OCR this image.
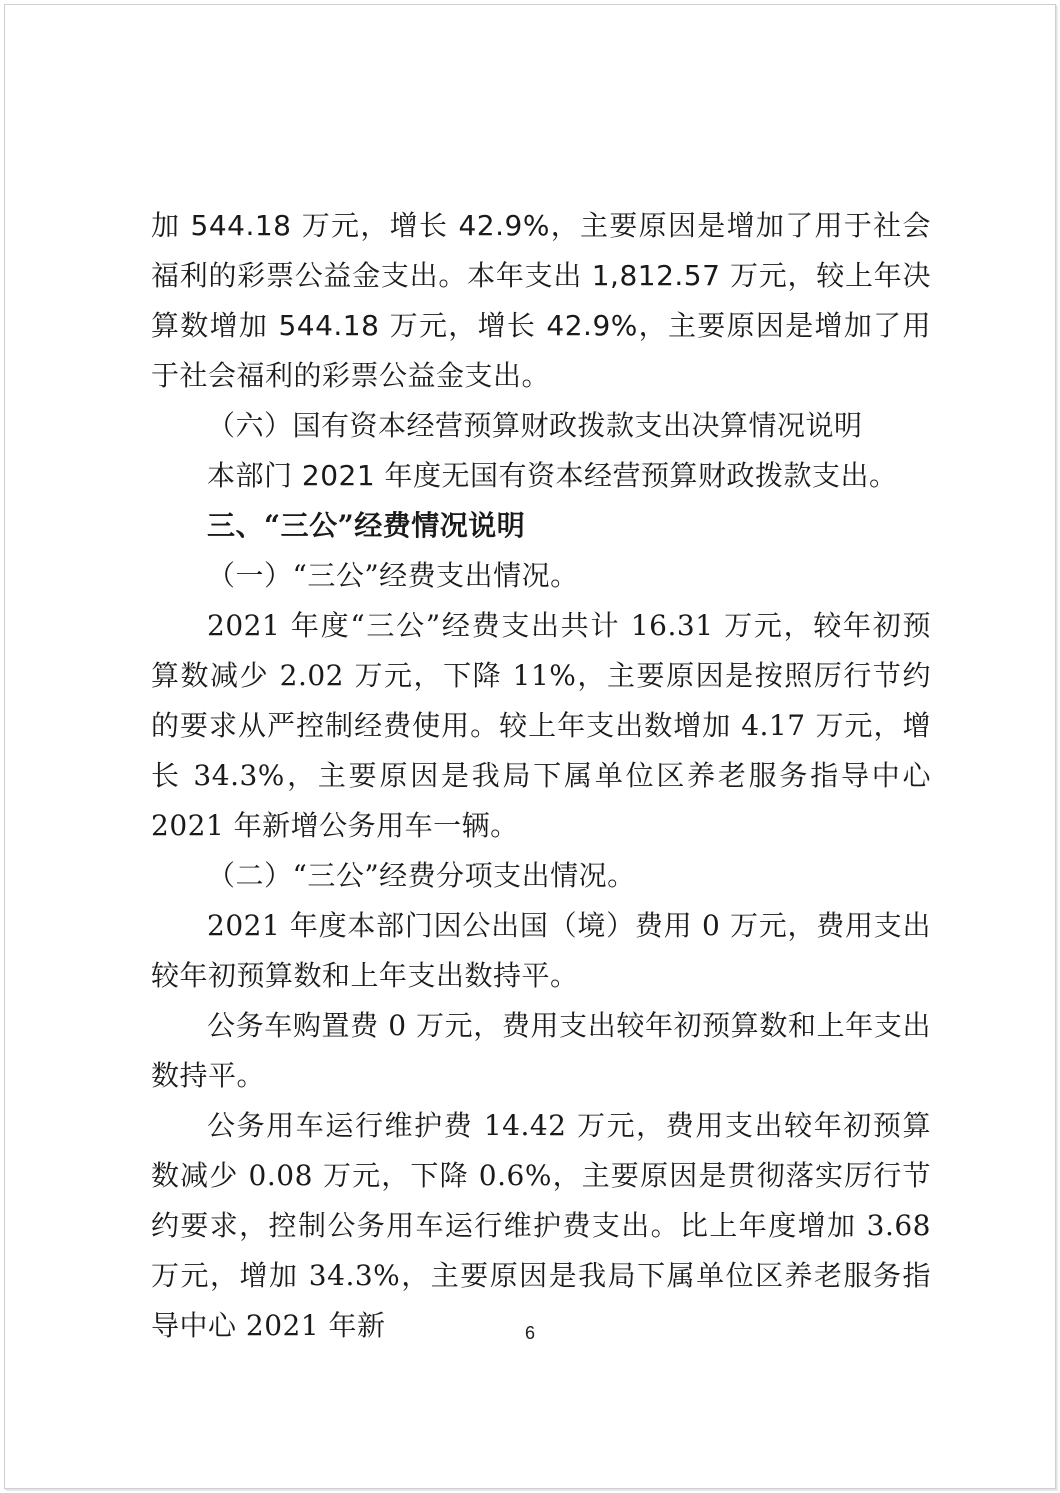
加 544.18 万元，增长 42.9%，主要原因是增加了用于社会福利的彩票公益金支出。本年支出 1,812.57 万元，较上年决算数增加 544.18 万元，增长 42.9%，主要原因是增加了用于社会福利的彩票公益金支出。

（六）国有资本经营预算财政拨款支出决算情况说明

本部门 2021 年度无国有资本经营预算财政拨款支出。

三、“三公”经费情况说明

（一）“三公”经费支出情况。

2021 年度“三公”经费支出共计 16.31 万元，较年初预算数减少 2.02 万元，下降 11%，主要原因是按照厉行节约的要求从严控制经费使用。较上年支出数增加 4.17 万元，增长 34.3%，主要原因是我局下属单位区养老服务指导中心 2021 年新增公务用车一辆。

（二）“三公”经费分项支出情况。

2021 年度本部门因公出国（境）费用 0 万元，费用支出较年初预算数和上年支出数持平。

公务车购置费 0 万元，费用支出较年初预算数和上年支出数持平。

公务用车运行维护费 14.42 万元，费用支出较年初预算数减少 0.08 万元，下降 0.6%，主要原因是贯彻落实厉行节约要求，控制公务用车运行维护费支出。比上年度增加 3.68 万元，增加 34.3%，主要原因是我局下属单位区养老服务指导中心 2021 年新	6
